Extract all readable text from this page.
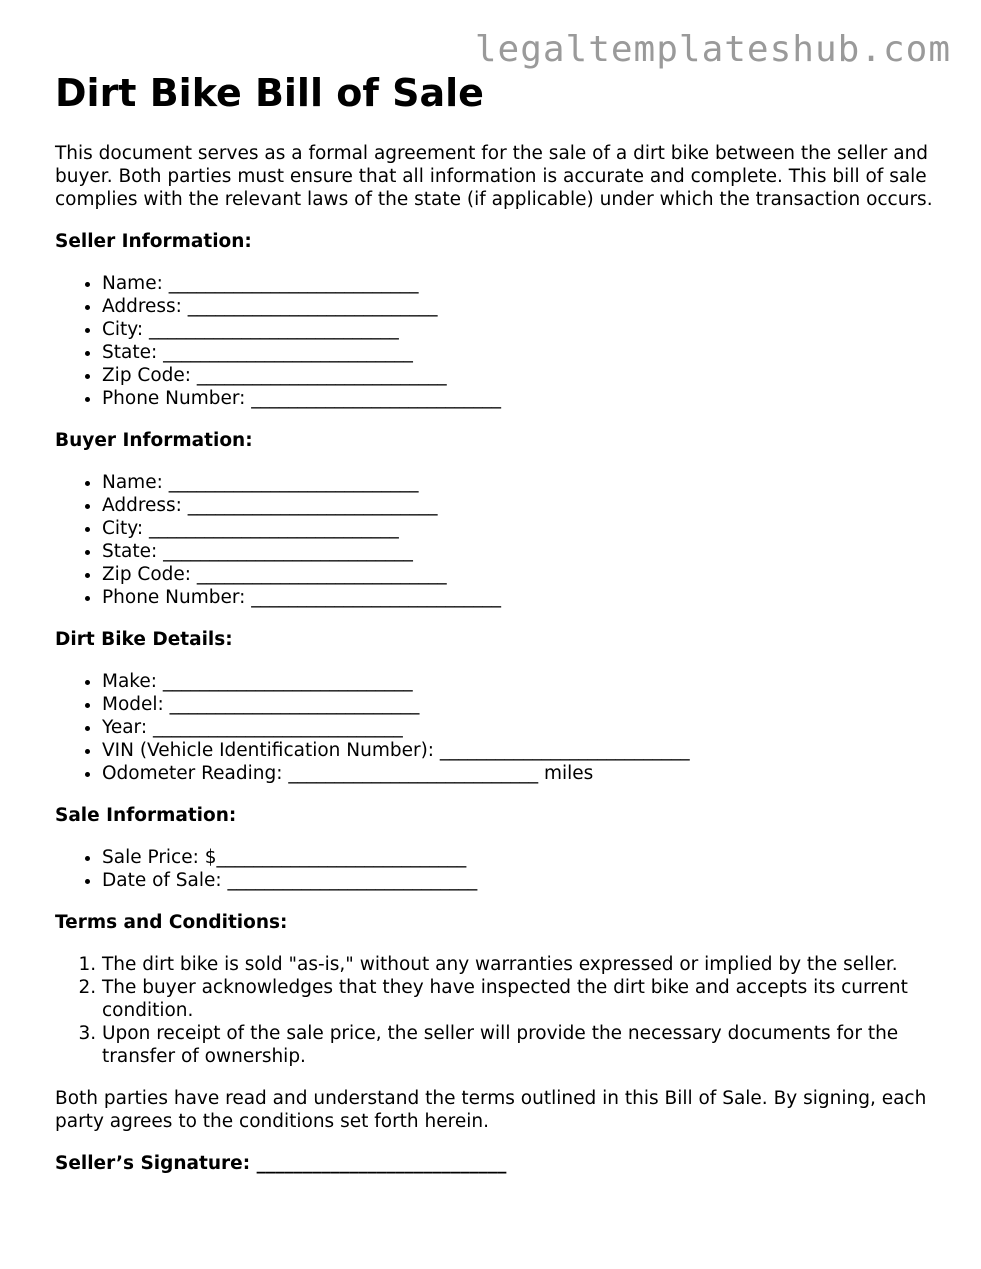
legaltemplateshub.com
Dirt Bike Bill of Sale

This document serves as a formal agreement for the sale of a dirt bike between the seller and buyer. Both parties must ensure that all information is accurate and complete. This bill of sale complies with the relevant laws of the state (if applicable) under which the transaction occurs.

Seller Information:
• Name: ___________________________
• Address: ___________________________
• City: ___________________________
• State: ___________________________
• Zip Code: ___________________________
• Phone Number: ___________________________
Buyer Information:
• Name: ___________________________
• Address: ___________________________
• City: ___________________________
• State: ___________________________
• Zip Code: ___________________________
• Phone Number: ___________________________
Dirt Bike Details:
• Make: ___________________________
• Model: ___________________________
• Year: ___________________________
• VIN (Vehicle Identification Number): ___________________________
• Odometer Reading: ___________________________ miles
Sale Information:
• Sale Price: $___________________________
• Date of Sale: ___________________________
Terms and Conditions:
1. The dirt bike is sold "as-is," without any warranties expressed or implied by the seller.
2. The buyer acknowledges that they have inspected the dirt bike and accepts its current condition.
3. Upon receipt of the sale price, the seller will provide the necessary documents for the transfer of ownership.

Both parties have read and understand the terms outlined in this Bill of Sale. By signing, each party agrees to the conditions set forth herein.

Seller’s Signature: ___________________________
